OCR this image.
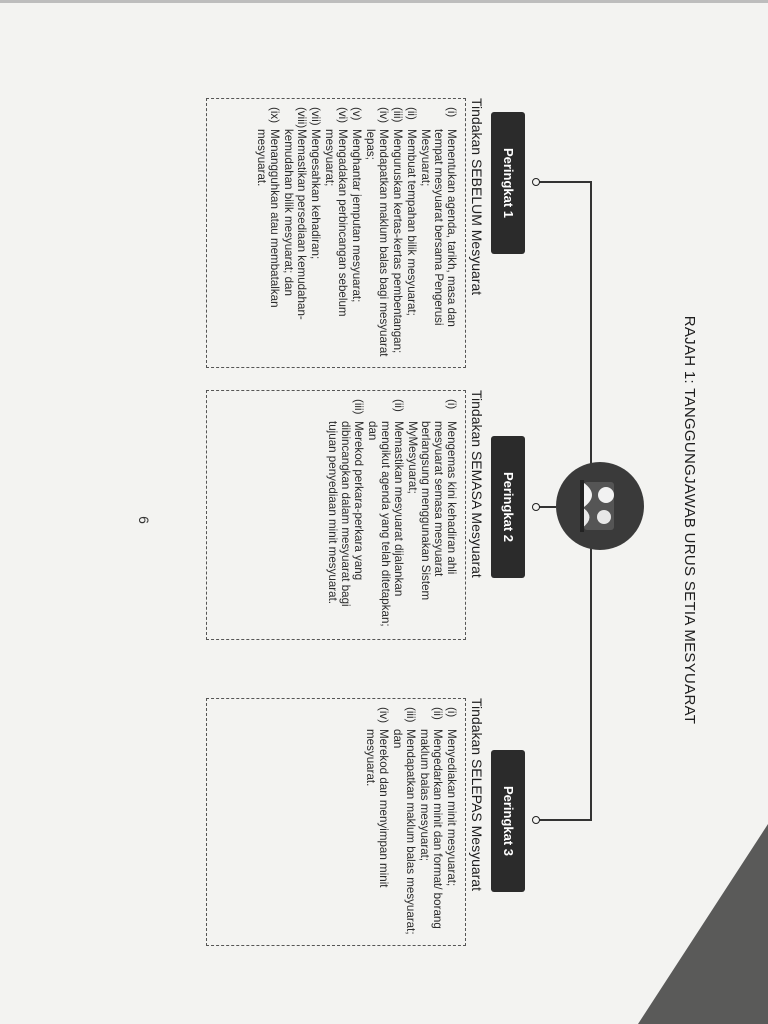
RAJAH 1: TANGGUNGJAWAB URUS SETIA MESYUARAT
Peringkat 1
Tindakan SEBELUM Mesyuarat
(i)
Menentukan agenda, tarikh, masa dan tempat mesyuarat bersama Pengerusi Mesyuarat;
(ii)
Membuat tempahan bilik mesyuarat;
(iii)
Menguruskan kertas-kertas pembentangan;
(iv)
Mendapatkan maklum balas bagi mesyuarat lepas;
(v)
Menghantar jemputan mesyuarat;
(vi)
Mengadakan perbincangan sebelum mesyuarat;
(vii)
Mengesahkan kehadiran;
(viii)
Memastikan persediaan kemudahan-kemudahan bilik mesyuarat; dan
(ix)
Menangguhkan atau membatalkan mesyuarat.
Peringkat 2
Tindakan SEMASA Mesyuarat
(i)
Mengemas kini kehadiran ahli mesyuarat semasa mesyuarat berlangsung menggunakan Sistem MyMesyuarat;
(ii)
Memastikan mesyuarat dijalankan mengikut agenda yang telah ditetapkan; dan
(iii)
Merekod perkara-perkara yang dibincangkan dalam mesyuarat bagi tujuan penyediaan minit mesyuarat.
Peringkat 3
Tindakan SELEPAS Mesyuarat
(i)
Menyediakan minit mesyuarat;
(ii)
Mengedarkan minit dan format/ borang maklum balas mesyuarat;
(iii)
Mendapatkan maklum balas mesyuarat; dan
(iv)
Merekod dan menyimpan minit mesyuarat.
6
